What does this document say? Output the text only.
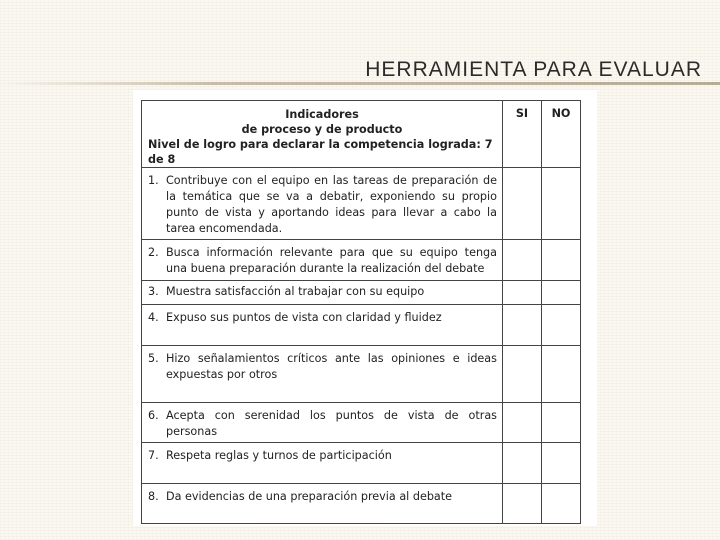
HERRAMIENTA PARA EVALUAR
Indicadores
de proceso y de producto
Nivel de logro para declarar la competencia lograda: 7 de 8	SI	NO

1. Contribuye con el equipo en las tareas de preparación de la temática que se va a debatir, exponiendo su propio punto de vista y aportando ideas para llevar a cabo la tarea encomendada.		

2. Busca información relevante para que su equipo tenga una buena preparación durante la realización del debate		

3. Muestra satisfacción al trabajar con su equipo		

4. Expuso sus puntos de vista con claridad y fluidez		

5. Hizo señalamientos críticos ante las opiniones e ideas expuestas por otros		

6. Acepta con serenidad los puntos de vista de otras personas		

7. Respeta reglas y turnos de participación		

8. Da evidencias de una preparación previa al debate		
